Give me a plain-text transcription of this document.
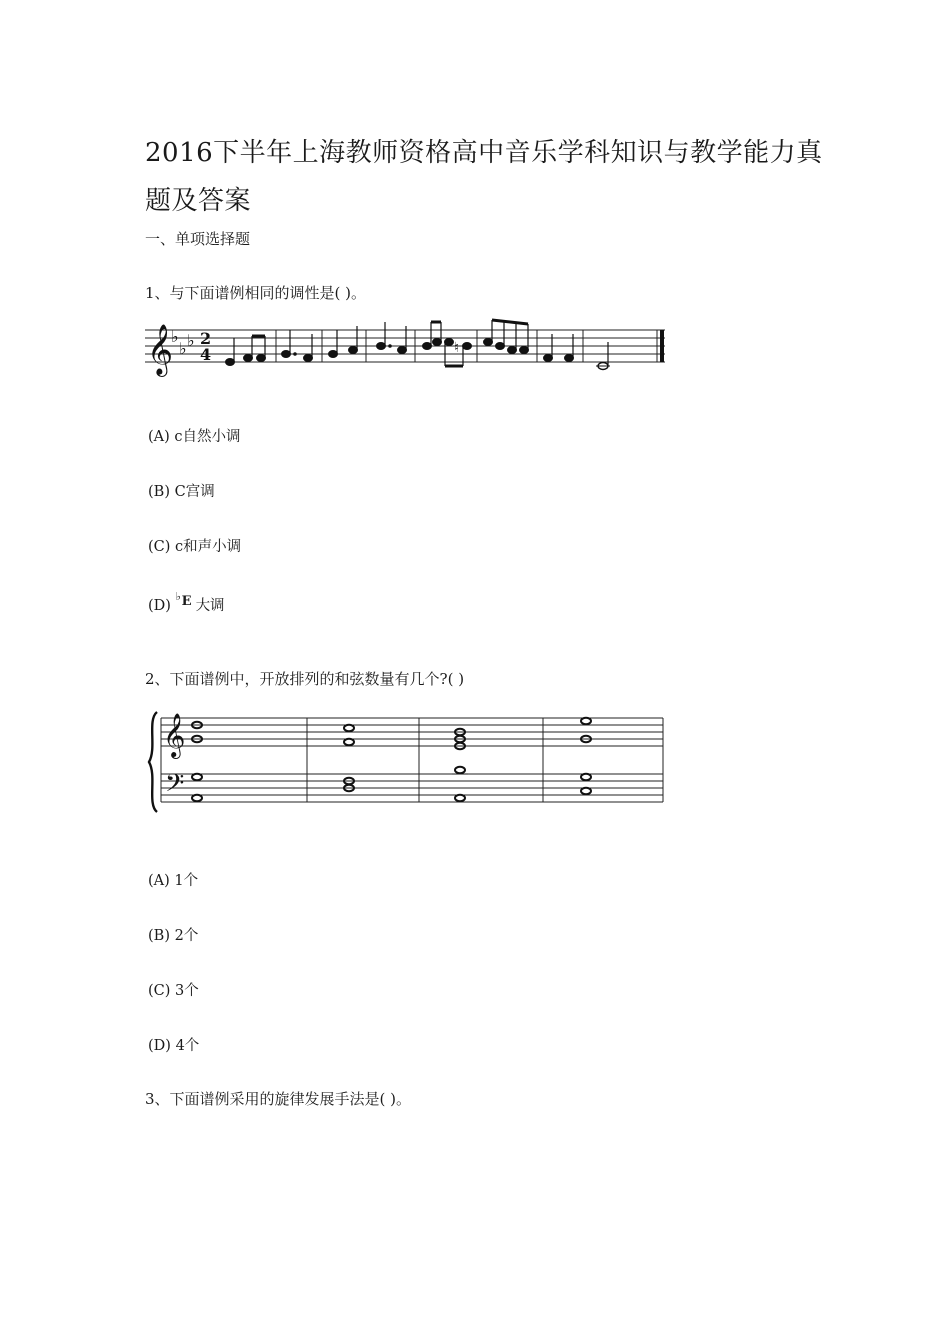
2016下半年上海教师资格高中音乐学科知识与教学能力真
题及答案
一、单项选择题
1、与下面谱例相同的调性是( )。
𝄞
♭
♭ ♭ 2
4	♮
(A) c自然小调
(B) C宫调
(C) c和声小调
(D)
♭ E 大调
2、下面谱例中，开放排列的和弦数量有几个?( )
𝄞
𝄢
(A) 1个
(B) 2个
(C) 3个
(D) 4个
3、下面谱例采用的旋律发展手法是( )。
